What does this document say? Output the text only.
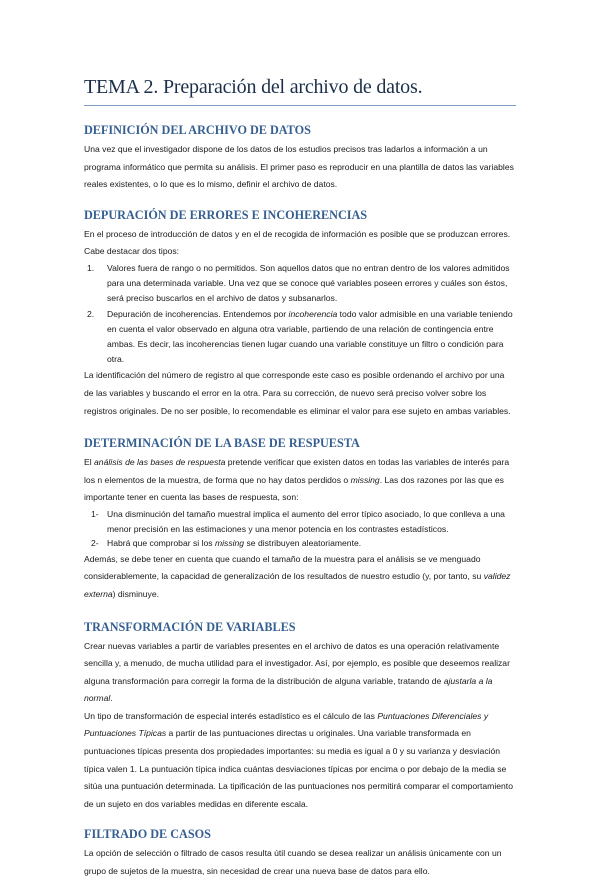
TEMA 2. Preparación del archivo de datos.
DEFINICIÓN DEL ARCHIVO DE DATOS

Una vez que el investigador dispone de los datos de los estudios precisos tras ladarlos a información a un programa informático que permita su análisis. El primer paso es reproducir en una plantilla de datos las variables reales existentes, o lo que es lo mismo, definir el archivo de datos.

DEPURACIÓN DE ERRORES E INCOHERENCIAS

En el proceso de introducción de datos y en el de recogida de información es posible que se produzcan errores. Cabe destacar dos tipos:

1. Valores fuera de rango o no permitidos. Son aquellos datos que no entran dentro de los valores admitidos para una determinada variable. Una vez que se conoce qué variables poseen errores y cuáles son éstos, será preciso buscarlos en el archivo de datos y subsanarlos.
2. Depuración de incoherencias. Entendemos por incoherencia todo valor admisible en una variable teniendo en cuenta el valor observado en alguna otra variable, partiendo de una relación de contingencia entre ambas. Es decir, las incoherencias tienen lugar cuando una variable constituye un filtro o condición para otra.

La identificación del número de registro al que corresponde este caso es posible ordenando el archivo por una de las variables y buscando el error en la otra. Para su corrección, de nuevo será preciso volver sobre los registros originales. De no ser posible, lo recomendable es eliminar el valor para ese sujeto en ambas variables.

DETERMINACIÓN DE LA BASE DE RESPUESTA

El análisis de las bases de respuesta pretende verificar que existen datos en todas las variables de interés para los n elementos de la muestra, de forma que no hay datos perdidos o missing. Las dos razones por las que es importante tener en cuenta las bases de respuesta, son:

1- Una disminución del tamaño muestral implica el aumento del error típico asociado, lo que conlleva a una menor precisión en las estimaciones y una menor potencia en los contrastes estadísticos.
2- Habrá que comprobar si los missing se distribuyen aleatoriamente.

Además, se debe tener en cuenta que cuando el tamaño de la muestra para el análisis se ve menguado considerablemente, la capacidad de generalización de los resultados de nuestro estudio (y, por tanto, su validez externa) disminuye.

TRANSFORMACIÓN DE VARIABLES

Crear nuevas variables a partir de variables presentes en el archivo de datos es una operación relativamente sencilla y, a menudo, de mucha utilidad para el investigador. Así, por ejemplo, es posible que deseemos realizar alguna transformación para corregir la forma de la distribución de alguna variable, tratando de ajustarla a la normal.

Un tipo de transformación de especial interés estadístico es el cálculo de las Puntuaciones Diferenciales y Puntuaciones Típicas a partir de las puntuaciones directas u originales. Una variable transformada en puntuaciones típicas presenta dos propiedades importantes: su media es igual a 0 y su varianza y desviación típica valen 1. La puntuación típica indica cuántas desviaciones típicas por encima o por debajo de la media se sitúa una puntuación determinada. La tipificación de las puntuaciones nos permitirá comparar el comportamiento de un sujeto en dos variables medidas en diferente escala.

FILTRADO DE CASOS

La opción de selección o filtrado de casos resulta útil cuando se desea realizar un análisis únicamente con un grupo de sujetos de la muestra, sin necesidad de crear una nueva base de datos para ello.
